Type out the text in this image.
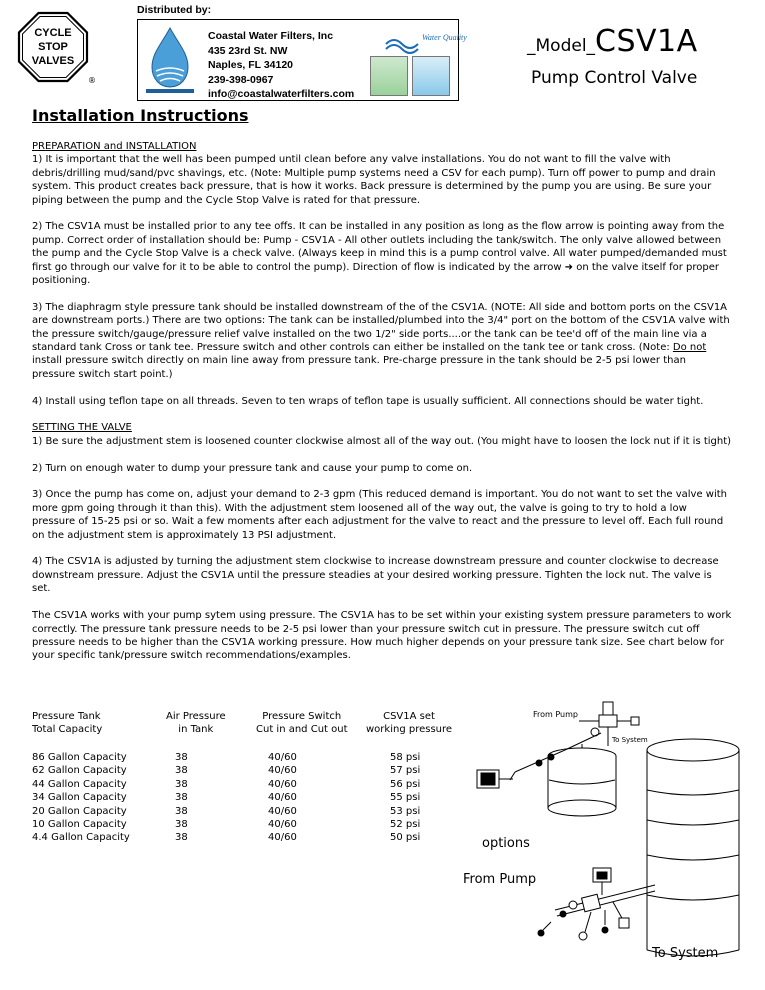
CYCLE
STOP
VALVES
®
Distributed by:
Coastal Water Filters, Inc
435 23rd St. NW
Naples, FL 34120
239-398-0967
info@coastalwaterfilters.com
Water Quality	_Model_CSV1A
Pump Control Valve
Installation Instructions
PREPARATION and INSTALLATION

1) It is important that the well has been pumped until clean before any valve installations. You do not want to fill the valve with debris/drilling mud/sand/pvc shavings, etc. (Note: Multiple pump systems need a CSV for each pump). Turn off power to pump and drain system. This product creates back pressure, that is how it works. Back pressure is determined by the pump you are using. Be sure your piping between the pump and the Cycle Stop Valve is rated for that pressure.

2) The CSV1A must be installed prior to any tee offs. It can be installed in any position as long as the flow arrow is pointing away from the pump. Correct order of installation should be: Pump - CSV1A - All other outlets including the tank/switch. The only valve allowed between the pump and the Cycle Stop Valve is a check valve. (Always keep in mind this is a pump control valve. All water pumped/demanded must first go through our valve for it to be able to control the pump). Direction of flow is indicated by the arrow ➜ on the valve itself for proper positioning.

3) The diaphragm style pressure tank should be installed downstream of the of the CSV1A. (NOTE: All side and bottom ports on the CSV1A are downstream ports.) There are two options: The tank can be installed/plumbed into the 3/4" port on the bottom of the CSV1A valve with the pressure switch/gauge/pressure relief valve installed on the two 1/2" side ports....or the tank can be tee'd off of the main line via a standard tank Cross or tank tee. Pressure switch and other controls can either be installed on the tank tee or tank cross. (Note: Do not install pressure switch directly on main line away from pressure tank. Pre-charge pressure in the tank should be 2-5 psi lower than pressure switch start point.)

4) Install using teflon tape on all threads. Seven to ten wraps of teflon tape is usually sufficient. All connections should be water tight.

SETTING THE VALVE

1) Be sure the adjustment stem is loosened counter clockwise almost all of the way out. (You might have to loosen the lock nut if it is tight)

2) Turn on enough water to dump your pressure tank and cause your pump to come on.

3) Once the pump has come on, adjust your demand to 2-3 gpm (This reduced demand is important. You do not want to set the valve with more gpm going through it than this). With the adjustment stem loosened all of the way out, the valve is going to try to hold a low pressure of 15-25 psi or so. Wait a few moments after each adjustment for the valve to react and the pressure to level off. Each full round on the adjustment stem is approximately 13 PSI adjustment.

4) The CSV1A is adjusted by turning the adjustment stem clockwise to increase downstream pressure and counter clockwise to decrease downstream pressure. Adjust the CSV1A until the pressure steadies at your desired working pressure. Tighten the lock nut. The valve is set.

The CSV1A works with your pump sytem using pressure. The CSV1A has to be set within your existing system pressure parameters to work correctly. The pressure tank pressure needs to be 2-5 psi lower than your pressure switch cut in pressure. The pressure switch cut off pressure needs to be higher than the CSV1A working pressure. How much higher depends on your pressure tank size. See chart below for your specific tank/pressure switch recommendations/examples.

Pressure Tank
Total Capacity
Air Pressure
in Tank
Pressure Switch
Cut in and Cut out
CSV1A set
working pressure
86 Gallon Capacity
62 Gallon Capacity
44 Gallon Capacity
34 Gallon Capacity
20 Gallon Capacity
10 Gallon Capacity
4.4 Gallon Capacity
38
38
38
38
38
38
38
40/60
40/60
40/60
40/60
40/60
40/60
40/60
58 psi
57 psi
56 psi
55 psi
53 psi
52 psi
50 psi
From Pump
To System
options
From Pump
To System
